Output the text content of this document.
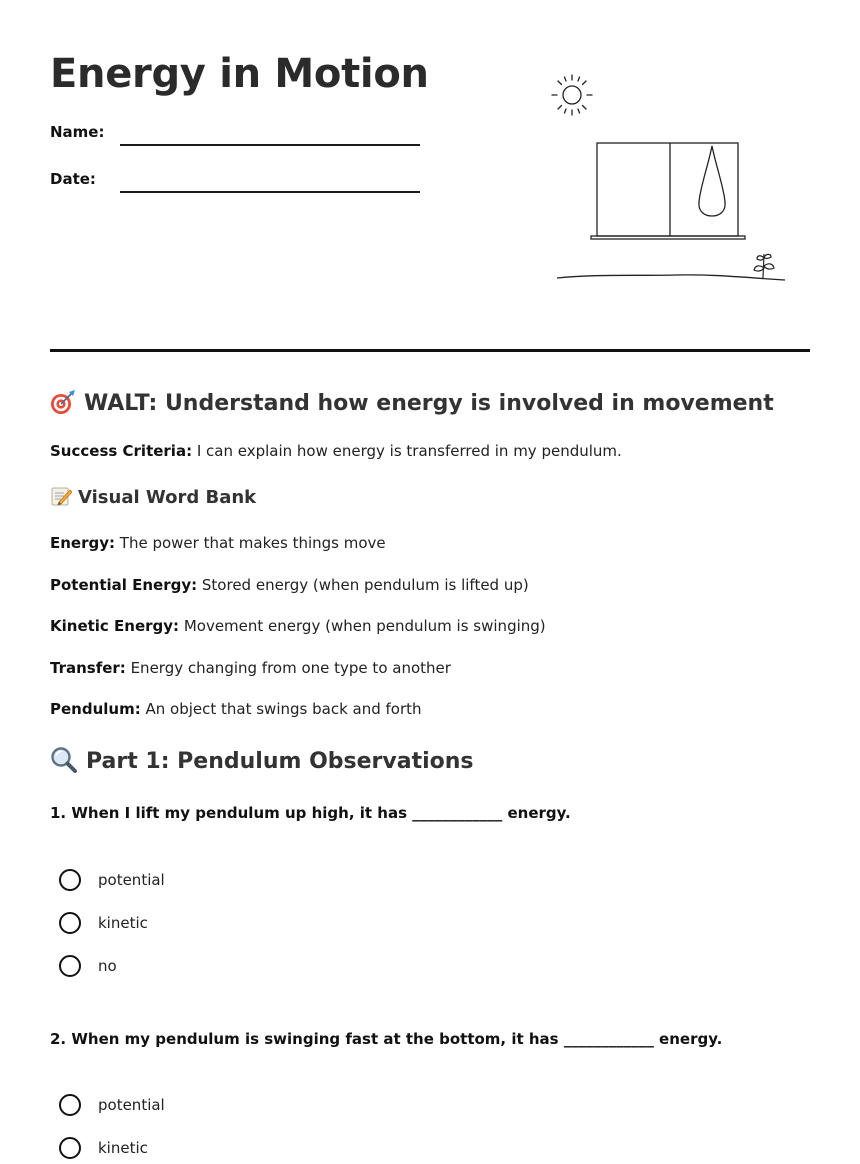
Energy in Motion
Name:
Date:
WALT: Understand how energy is involved in movement

Success Criteria: I can explain how energy is transferred in my pendulum.

Visual Word Bank

Energy: The power that makes things move

Potential Energy: Stored energy (when pendulum is lifted up)

Kinetic Energy: Movement energy (when pendulum is swinging)

Transfer: Energy changing from one type to another

Pendulum: An object that swings back and forth

Part 1: Pendulum Observations

1. When I lift my pendulum up high, it has ____________ energy.

potential
kinetic
no

2. When my pendulum is swinging fast at the bottom, it has ____________ energy.

potential
kinetic
